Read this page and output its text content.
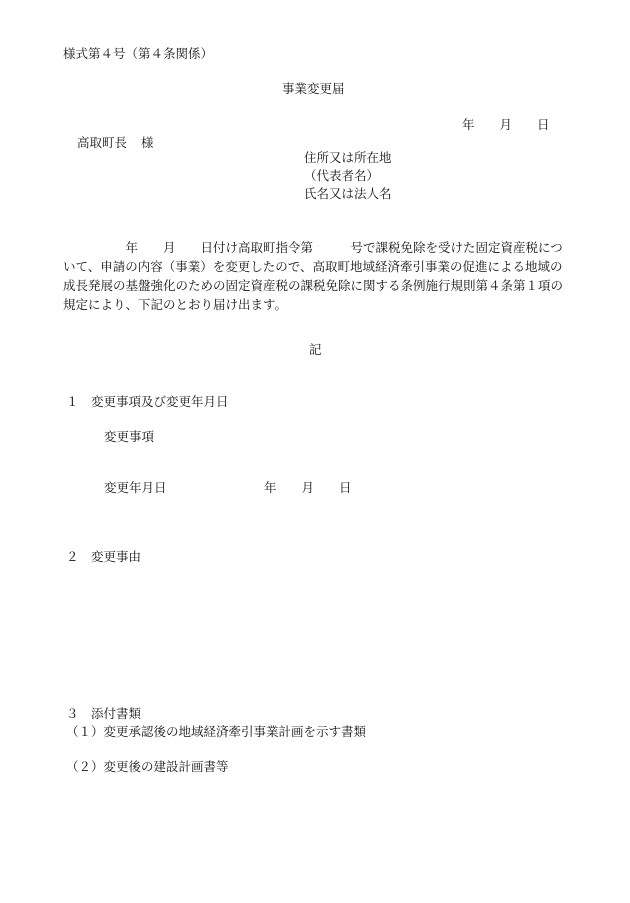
様式第４号（第４条関係）
事業変更届
年　　月　　日
高取町長 様
住所又は所在地
（代表者名）
氏名又は法人名
　　　　　年　　月　　日付け高取町指令第　　　号で課税免除を受けた固定資産税について、申請の内容（事業）を変更したので、高取町地域経済牽引事業の促進による地域の成長発展の基盤強化のための固定資産税の課税免除に関する条例施行規則第４条第１項の規定により、下記のとおり届け出ます。
記
１　変更事項及び変更年月日
変更事項
変更年月日	年　　月　　日
２　変更事由
３　添付書類
（１）変更承認後の地域経済牽引事業計画を示す書類
（２）変更後の建設計画書等
